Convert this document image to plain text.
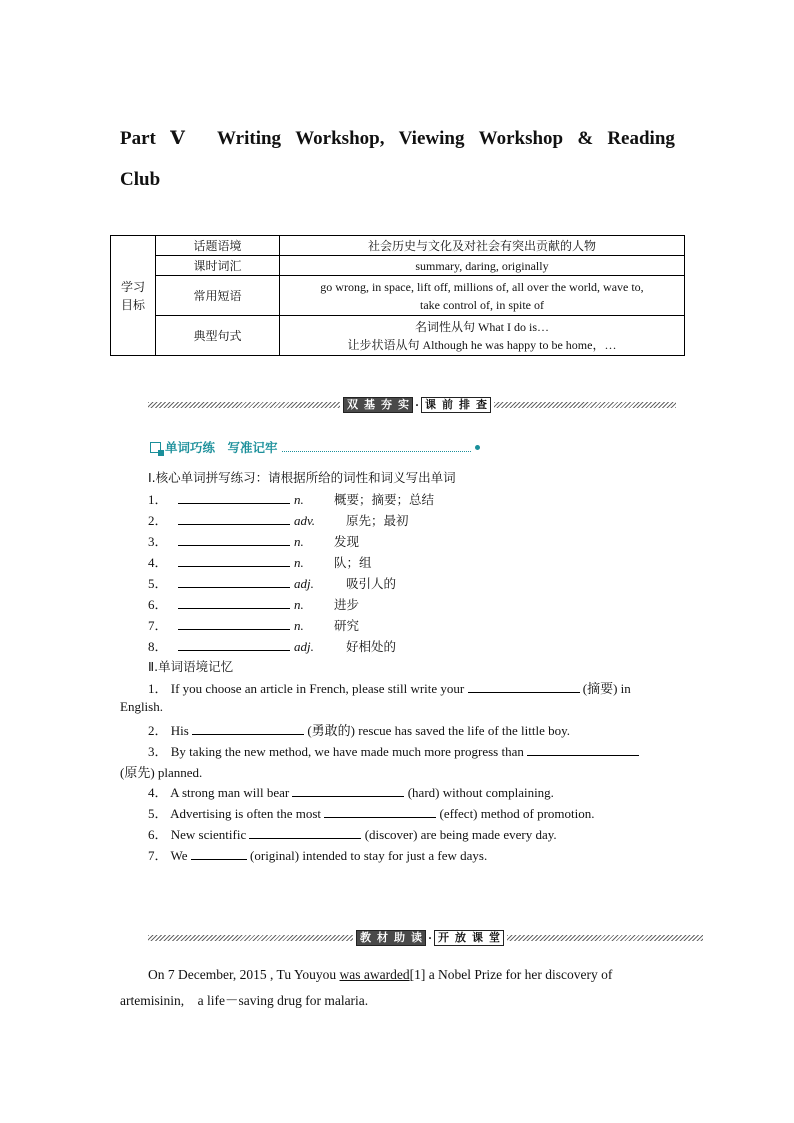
Part Ⅴ Writing Workshop, Viewing Workshop & Reading
Club
学习
目标	话题语境	社会历史与文化及对社会有突出贡献的人物
	课时词汇	summary, daring, originally
	常用短语	go wrong, in space, lift off, millions of, all over the world, wave to,
take control of, in spite of

	典型句式	名词性从句 What I do is…
让步状语从句 Although he was happy to be home，…
双 基 夯 实 · 课 前 排 查
单词巧练　写准记牢
Ⅰ.核心单词拼写练习：请根据所给的词性和词义写出单词
1．	n. 概要；摘要；总结
2．	adv. 原先；最初
3．	n. 发现
4．	n. 队；组
5．	adj.	吸引人的
6．	n. 进步
7．	n. 研究
8．	adj.	好相处的
Ⅱ.单词语境记忆
1． If you choose an article in French, please still write your	(摘要) in
English.
2． His	(勇敢的) rescue has saved the life of the little boy.
3． By taking the new method, we have made much more progress than
(原先) planned.
4． A strong man will bear	(hard) without complaining.
5． Advertising is often the most	(effect) method of promotion.
6． New scientific	(discover) are being made every day.
7． We	(original) intended to stay for just a few days.
教 材 助 读 · 开 放 课 堂
On 7 December, 2015 , Tu Youyou was awarded[1] a Nobel Prize for her discovery of
artemisinin,　a life－saving drug for malaria.
